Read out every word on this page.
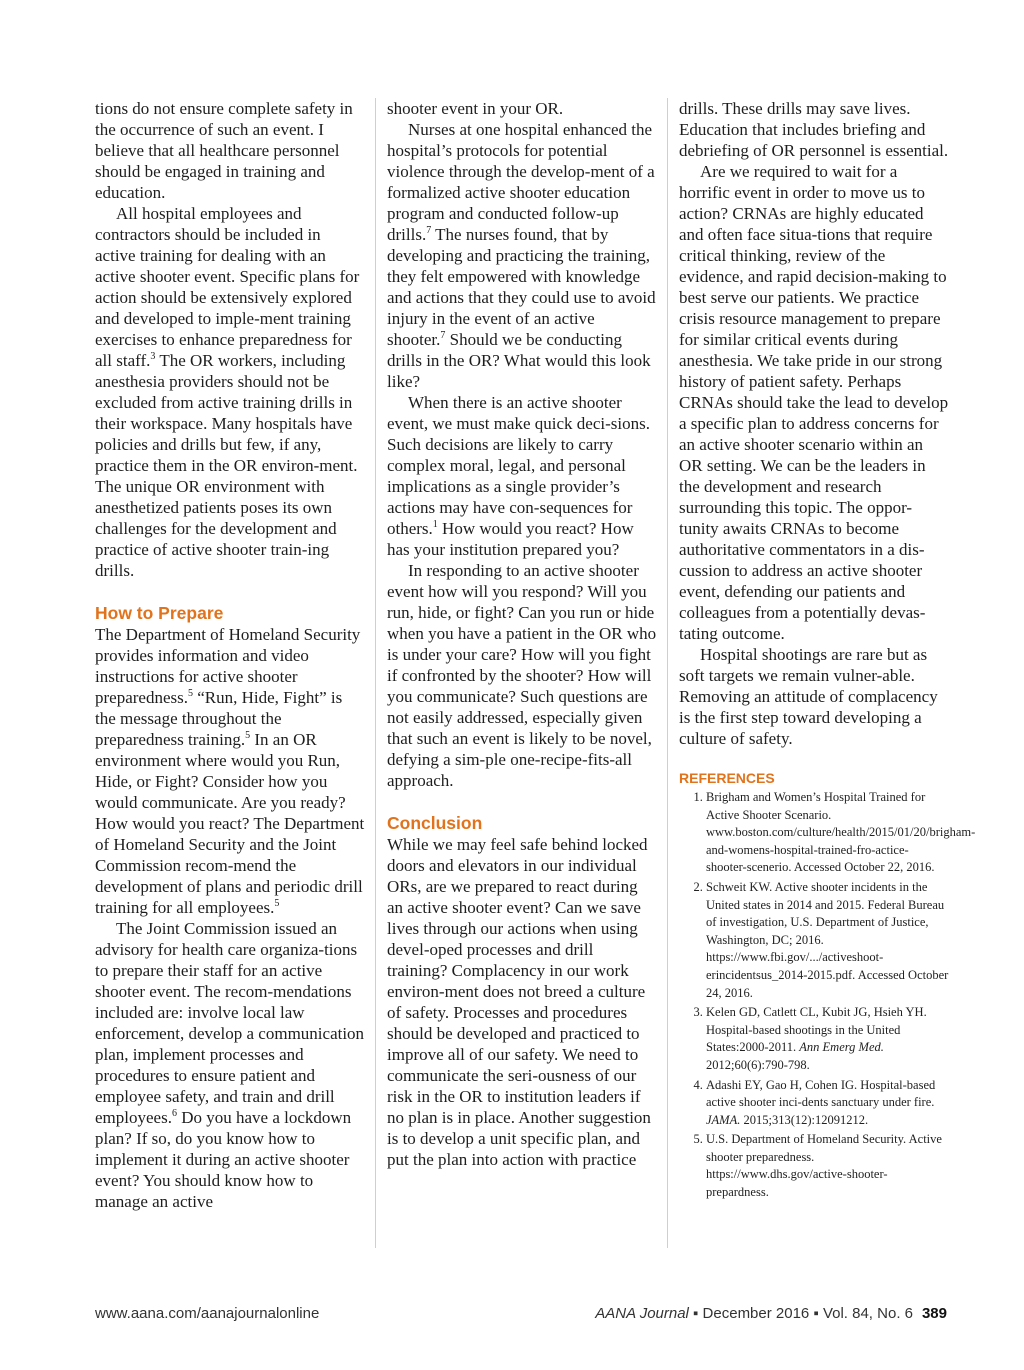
tions do not ensure complete safety in the occurrence of such an event. I believe that all healthcare personnel should be engaged in training and education.

All hospital employees and contractors should be included in active training for dealing with an active shooter event. Specific plans for action should be extensively explored and developed to imple-ment training exercises to enhance preparedness for all staff.$^3$ The OR workers, including anesthesia providers should not be excluded from active training drills in their workspace. Many hospitals have policies and drills but few, if any, practice them in the OR environ-ment. The unique OR environment with anesthetized patients poses its own challenges for the development and practice of active shooter train-ing drills.

How to Prepare

The Department of Homeland Security provides information and video instructions for active shooter preparedness.$^5$ “Run, Hide, Fight” is the message throughout the preparedness training.$^5$ In an OR environment where would you Run, Hide, or Fight? Consider how you would communicate. Are you ready? How would you react? The Department of Homeland Security and the Joint Commission recom-mend the development of plans and periodic drill training for all employees.$^5$

The Joint Commission issued an advisory for health care organiza-tions to prepare their staff for an active shooter event. The recom-mendations included are: involve local law enforcement, develop a communication plan, implement processes and procedures to ensure patient and employee safety, and train and drill employees.$^6$ Do you have a lockdown plan? If so, do you know how to implement it during an active shooter event? You should know how to manage an active

shooter event in your OR.

Nurses at one hospital enhanced the hospital’s protocols for potential violence through the develop-ment of a formalized active shooter education program and conducted follow-up drills.$^7$ The nurses found, that by developing and practicing the training, they felt empowered with knowledge and actions that they could use to avoid injury in the event of an active shooter.$^7$ Should we be conducting drills in the OR? What would this look like?

When there is an active shooter event, we must make quick deci-sions. Such decisions are likely to carry complex moral, legal, and personal implications as a single provider’s actions may have con-sequences for others.$^1$ How would you react? How has your institution prepared you?

In responding to an active shooter event how will you respond? Will you run, hide, or fight? Can you run or hide when you have a patient in the OR who is under your care? How will you fight if confronted by the shooter? How will you communicate? Such questions are not easily addressed, especially given that such an event is likely to be novel, defying a sim-ple one-recipe-fits-all approach.

Conclusion

While we may feel safe behind locked doors and elevators in our individual ORs, are we prepared to react during an active shooter event? Can we save lives through our actions when using devel-oped processes and drill training? Complacency in our work environ-ment does not breed a culture of safety. Processes and procedures should be developed and practiced to improve all of our safety. We need to communicate the seri-ousness of our risk in the OR to institution leaders if no plan is in place. Another suggestion is to develop a unit specific plan, and put the plan into action with practice

drills. These drills may save lives. Education that includes briefing and debriefing of OR personnel is essential.

Are we required to wait for a horrific event in order to move us to action? CRNAs are highly educated and often face situa-tions that require critical thinking, review of the evidence, and rapid decision-making to best serve our patients. We practice crisis resource management to prepare for similar critical events during anesthesia. We take pride in our strong history of patient safety. Perhaps CRNAs should take the lead to develop a specific plan to address concerns for an active shooter scenario within an OR setting. We can be the leaders in the development and research surrounding this topic. The oppor-tunity awaits CRNAs to become authoritative commentators in a dis-cussion to address an active shooter event, defending our patients and colleagues from a potentially devas-tating outcome.

Hospital shootings are rare but as soft targets we remain vulner-able. Removing an attitude of complacency is the first step toward developing a culture of safety.

REFERENCES
1. Brigham and Women’s Hospital Trained for Active Shooter Scenario. www.boston.com/culture/health/2015/01/20/brigham-and-womens-hospital-trained-fro-actice-shooter-scenerio. Accessed October 22, 2016.
2. Schweit KW. Active shooter incidents in the United states in 2014 and 2015. Federal Bureau of investigation, U.S. Department of Justice, Washington, DC; 2016. https://www.fbi.gov/.../activeshoot-erincidentsus_2014-2015.pdf. Accessed October 24, 2016.
3. Kelen GD, Catlett CL, Kubit JG, Hsieh YH. Hospital-based shootings in the United States:2000-2011. Ann Emerg Med. 2012;60(6):790-798.
4. Adashi EY, Gao H, Cohen IG. Hospital-based active shooter inci-dents sanctuary under fire. JAMA. 2015;313(12):12091212.
5. U.S. Department of Homeland Security. Active shooter preparedness. https://www.dhs.gov/active-shooter-prepardness.
www.aana.com/aanajournalonline	AANA Journal ▪ December 2016 ▪ Vol. 84, No. 6 389
